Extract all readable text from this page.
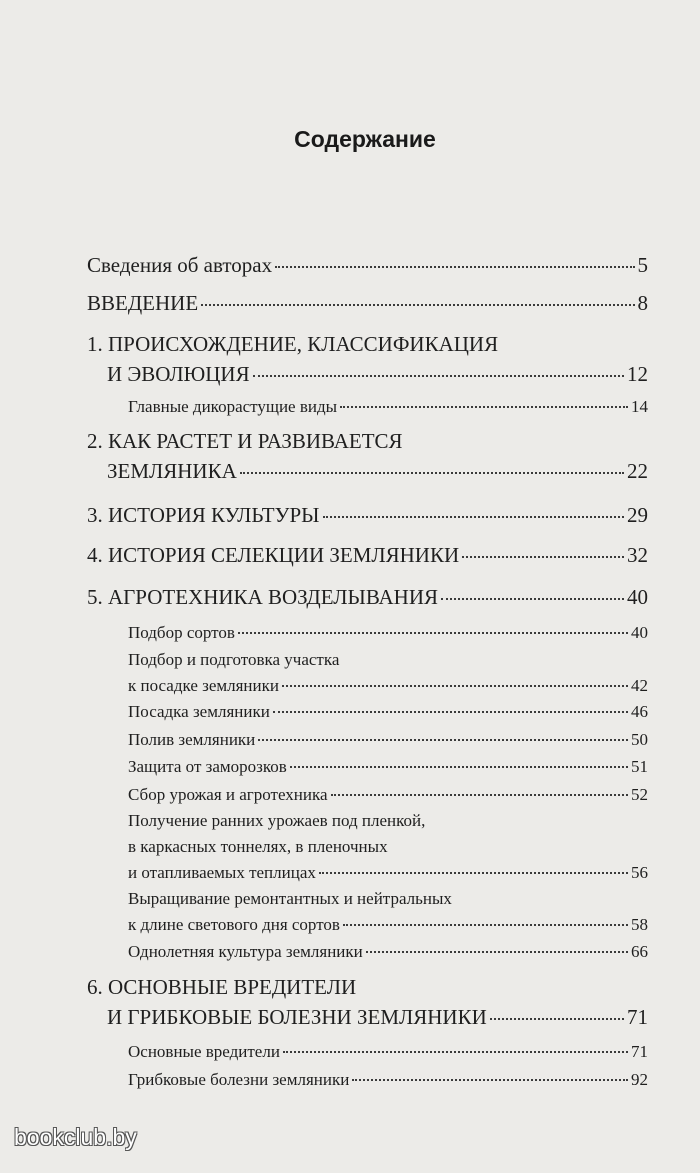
Содержание
Сведения об авторах	5
ВВЕДЕНИЕ	8
1. ПРОИСХОЖДЕНИЕ, КЛАССИФИКАЦИЯ
И ЭВОЛЮЦИЯ	12
Главные дикорастущие виды	14
2. КАК РАСТЕТ И РАЗВИВАЕТСЯ
ЗЕМЛЯНИКА	22
3. ИСТОРИЯ КУЛЬТУРЫ	29
4. ИСТОРИЯ СЕЛЕКЦИИ ЗЕМЛЯНИКИ	32
5. АГРОТЕХНИКА ВОЗДЕЛЫВАНИЯ	40
Подбор сортов	40
Подбор и подготовка участка
к посадке земляники	42
Посадка земляники	46
Полив земляники	50
Защита от заморозков	51
Сбор урожая и агротехника	52
Получение ранних урожаев под пленкой,
в каркасных тоннелях, в пленочных
и отапливаемых теплицах	56
Выращивание ремонтантных и нейтральных
к длине светового дня сортов	58
Однолетняя культура земляники	66
6. ОСНОВНЫЕ ВРЕДИТЕЛИ
И ГРИБКОВЫЕ БОЛЕЗНИ ЗЕМЛЯНИКИ	71
Основные вредители	71
Грибковые болезни земляники	92
bookclub.by
